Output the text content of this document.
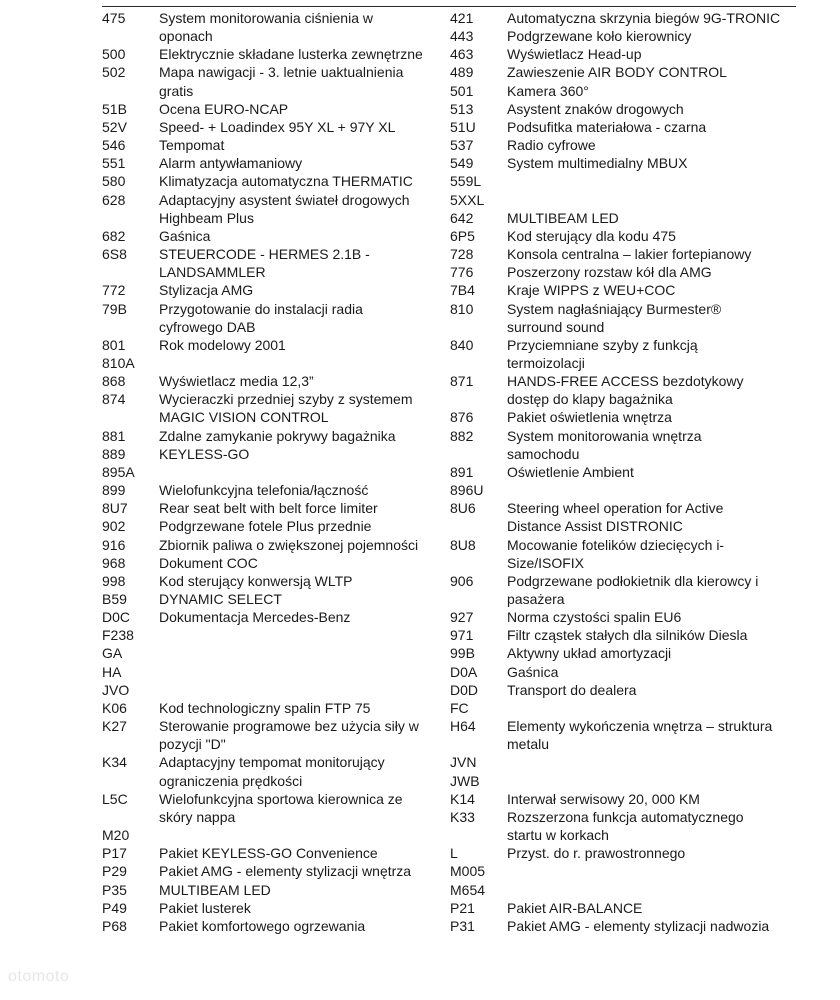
475	System monitorowania ciśnienia w
oponach
500	Elektrycznie składane lusterka zewnętrzne
502	Mapa nawigacji - 3. letnie uaktualnienia
gratis
51B	Ocena EURO-NCAP
52V	Speed- + Loadindex 95Y XL + 97Y XL
546	Tempomat
551	Alarm antywłamaniowy
580	Klimatyzacja automatyczna THERMATIC
628	Adaptacyjny asystent świateł drogowych
Highbeam Plus
682	Gaśnica
6S8	STEUERCODE - HERMES 2.1B -
LANDSAMMLER
772	Stylizacja AMG
79B	Przygotowanie do instalacji radia
cyfrowego DAB
801	Rok modelowy 2001
810A
868	Wyświetlacz media 12,3”
874	Wycieraczki przedniej szyby z systemem
MAGIC VISION CONTROL
881	Zdalne zamykanie pokrywy bagażnika
889	KEYLESS-GO
895A
899	Wielofunkcyjna telefonia/łączność
8U7	Rear seat belt with belt force limiter
902	Podgrzewane fotele Plus przednie
916	Zbiornik paliwa o zwiększonej pojemności
968	Dokument COC
998	Kod sterujący konwersją WLTP
B59	DYNAMIC SELECT
D0C	Dokumentacja Mercedes-Benz
F238
GA
HA
JVO
K06	Kod technologiczny spalin FTP 75
K27	Sterowanie programowe bez użycia siły w
pozycji "D"
K34	Adaptacyjny tempomat monitorujący
ograniczenia prędkości
L5C	Wielofunkcyjna sportowa kierownica ze
skóry nappa
M20
P17	Pakiet KEYLESS-GO Convenience
P29	Pakiet AMG - elementy stylizacji wnętrza
P35	MULTIBEAM LED
P49	Pakiet lusterek
P68	Pakiet komfortowego ogrzewania
421	Automatyczna skrzynia biegów 9G-TRONIC
443	Podgrzewane koło kierownicy
463	Wyświetlacz Head-up
489	Zawieszenie AIR BODY CONTROL
501	Kamera 360°
513	Asystent znaków drogowych
51U	Podsufitka materiałowa - czarna
537	Radio cyfrowe
549	System multimedialny MBUX
559L
5XXL
642	MULTIBEAM LED
6P5	Kod sterujący dla kodu 475
728	Konsola centralna – lakier fortepianowy
776	Poszerzony rozstaw kół dla AMG
7B4	Kraje WIPPS z WEU+COC
810	System nagłaśniający Burmester®
surround sound
840	Przyciemniane szyby z funkcją
termoizolacji
871	HANDS-FREE ACCESS bezdotykowy
dostęp do klapy bagażnika
876	Pakiet oświetlenia wnętrza
882	System monitorowania wnętrza
samochodu
891	Oświetlenie Ambient
896U
8U6	Steering wheel operation for Active
Distance Assist DISTRONIC
8U8	Mocowanie fotelików dziecięcych i-
Size/ISOFIX
906	Podgrzewane podłokietnik dla kierowcy i
pasażera
927	Norma czystości spalin EU6
971	Filtr cząstek stałych dla silników Diesla
99B	Aktywny układ amortyzacji
D0A	Gaśnica
D0D	Transport do dealera
FC
H64	Elementy wykończenia wnętrza – struktura
metalu
JVN
JWB
K14	Interwał serwisowy 20, 000 KM
K33	Rozszerzona funkcja automatycznego
startu w korkach
L	Przyst. do r. prawostronnego
M005
M654
P21	Pakiet AIR-BALANCE
P31	Pakiet AMG - elementy stylizacji nadwozia
otomoto
